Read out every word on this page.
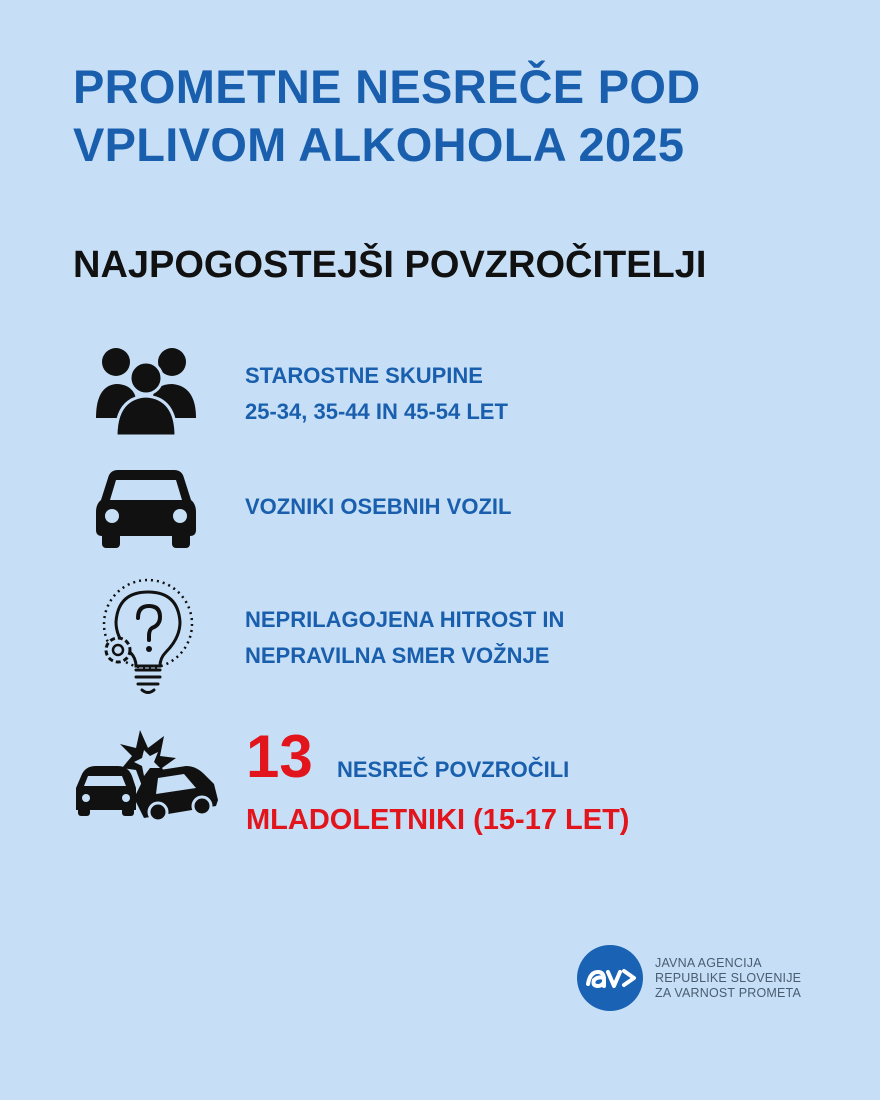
PROMETNE NESREČE POD
VPLIVOM ALKOHOLA 2025
NAJPOGOSTEJŠI POVZROČITELJI
STAROSTNE SKUPINE
25-34, 35-44 IN 45-54 LET
VOZNIKI OSEBNIH VOZIL
NEPRILAGOJENA HITROST IN
NEPRAVILNA SMER VOŽNJE
13 NESREČ POVZROČILI
MLADOLETNIKI (15-17 LET)
JAVNA AGENCIJA
REPUBLIKE SLOVENIJE
ZA VARNOST PROMETA
